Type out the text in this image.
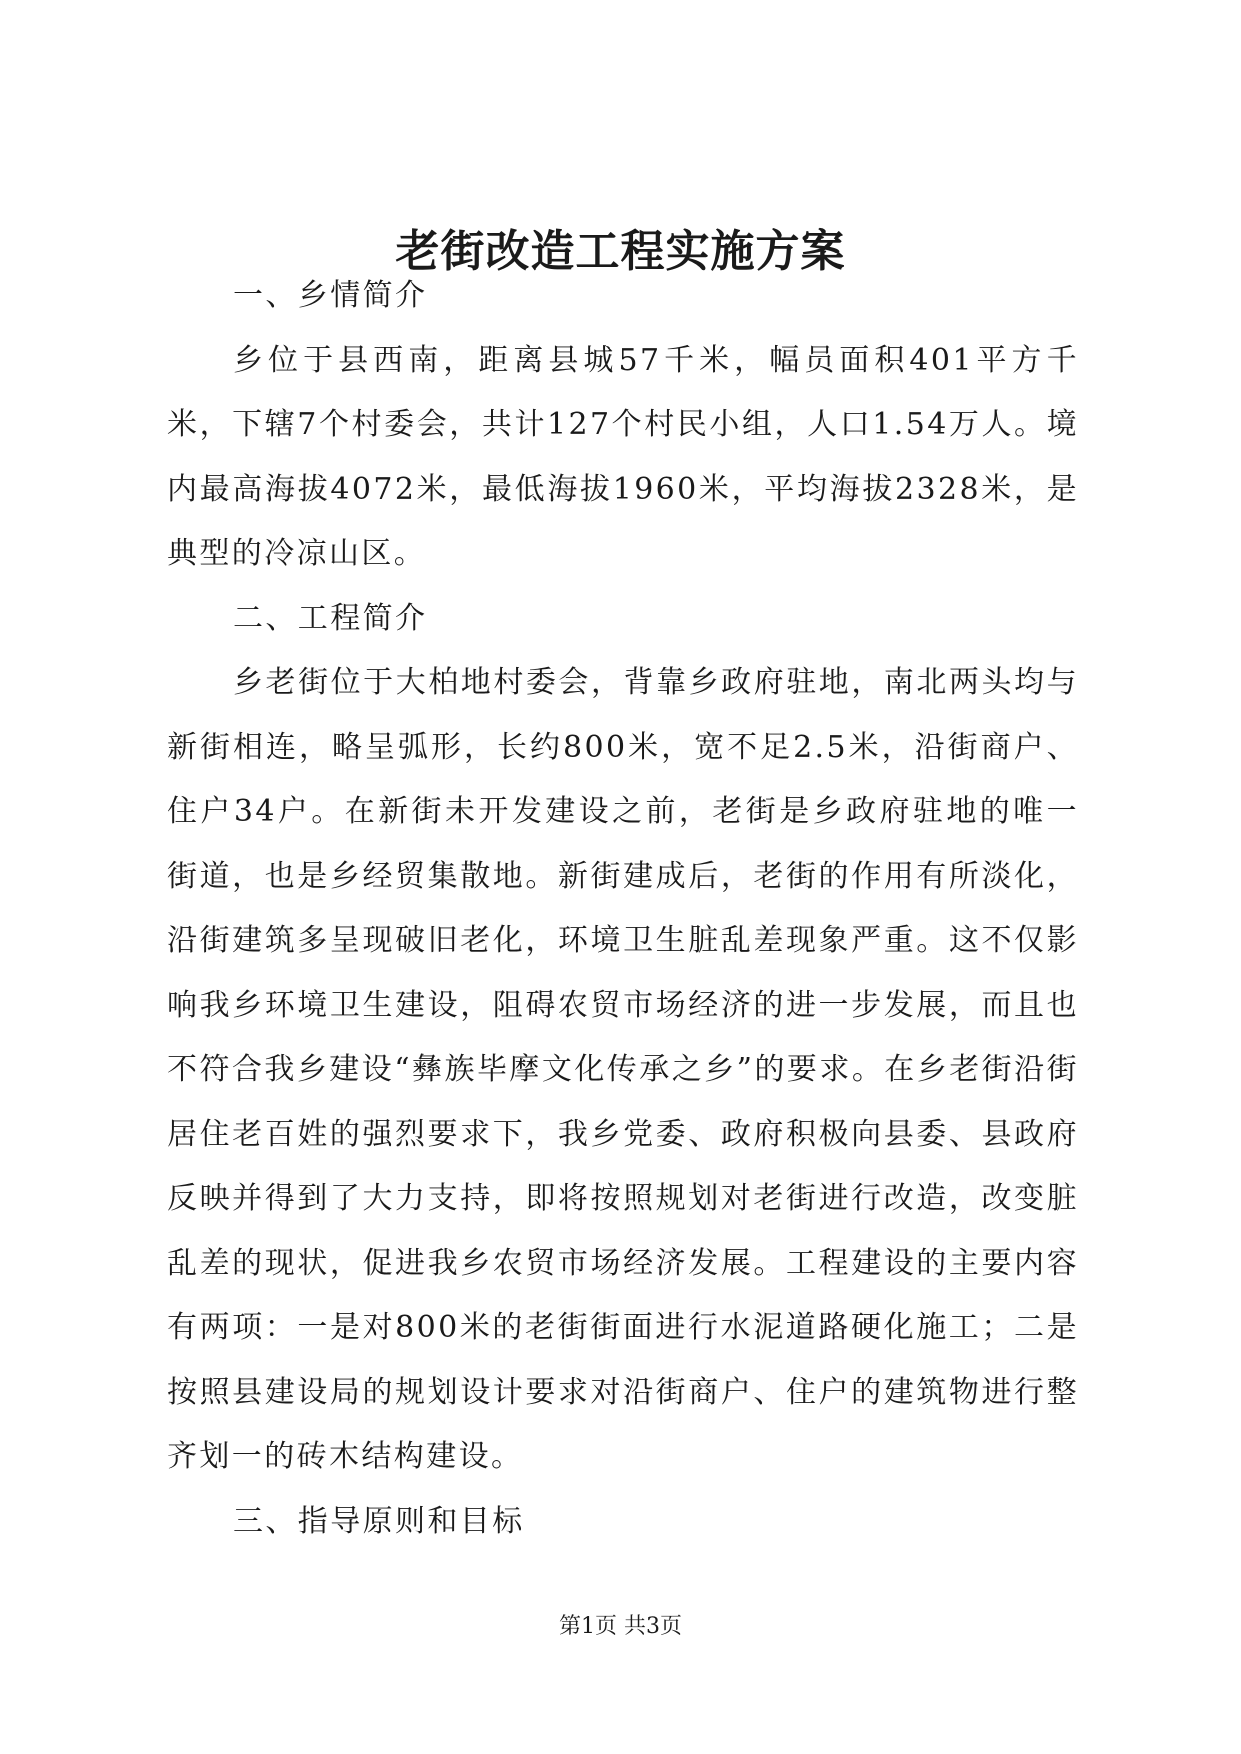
老街改造工程实施方案

一、乡情简介

乡位于县西南，距离县城57千米，幅员面积401平方千米，下辖7个村委会，共计127个村民小组，人口1.54万人。境内最高海拔4072米，最低海拔1960米，平均海拔2328米，是典型的冷凉山区。

二、工程简介

乡老街位于大柏地村委会，背靠乡政府驻地，南北两头均与新街相连，略呈弧形，长约800米，宽不足2.5米，沿街商户、住户34户。在新街未开发建设之前，老街是乡政府驻地的唯一街道，也是乡经贸集散地。新街建成后，老街的作用有所淡化，沿街建筑多呈现破旧老化，环境卫生脏乱差现象严重。这不仅影响我乡环境卫生建设，阻碍农贸市场经济的进一步发展，而且也不符合我乡建设“彝族毕摩文化传承之乡”的要求。在乡老街沿街居住老百姓的强烈要求下，我乡党委、政府积极向县委、县政府反映并得到了大力支持，即将按照规划对老街进行改造，改变脏乱差的现状，促进我乡农贸市场经济发展。工程建设的主要内容有两项：一是对800米的老街街面进行水泥道路硬化施工；二是按照县建设局的规划设计要求对沿街商户、住户的建筑物进行整齐划一的砖木结构建设。

三、指导原则和目标

第1页 共3页
